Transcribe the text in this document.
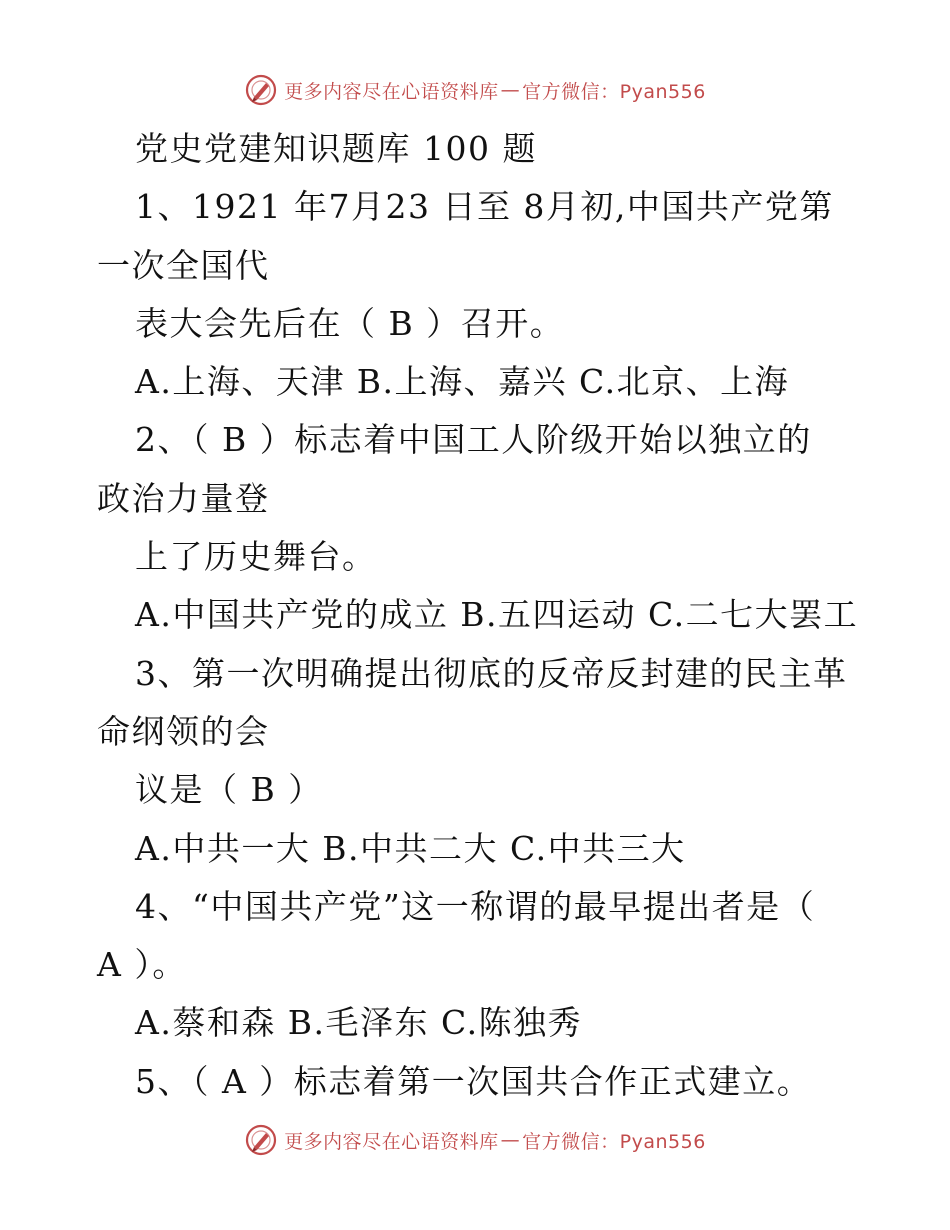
更多内容尽在心语资料库 — 官方微信：Pyan556
党史党建知识题库 100 题
1、1921 年7月23 日至 8月初,中国共产党第
一次全国代
表大会先后在（ B ）召开。
A.上海、天津 B.上海、嘉兴 C.北京、上海
2、（ B ）标志着中国工人阶级开始以独立的
政治力量登
上了历史舞台。
A.中国共产党的成立 B.五四运动 C.二七大罢工
3、第一次明确提出彻底的反帝反封建的民主革
命纲领的会
议是（ B ）
A.中共一大 B.中共二大 C.中共三大
4、“中国共产党”这一称谓的最早提出者是（
A ）。
A.蔡和森 B.毛泽东 C.陈独秀
5、（ A ）标志着第一次国共合作正式建立。
更多内容尽在心语资料库 — 官方微信：Pyan556
